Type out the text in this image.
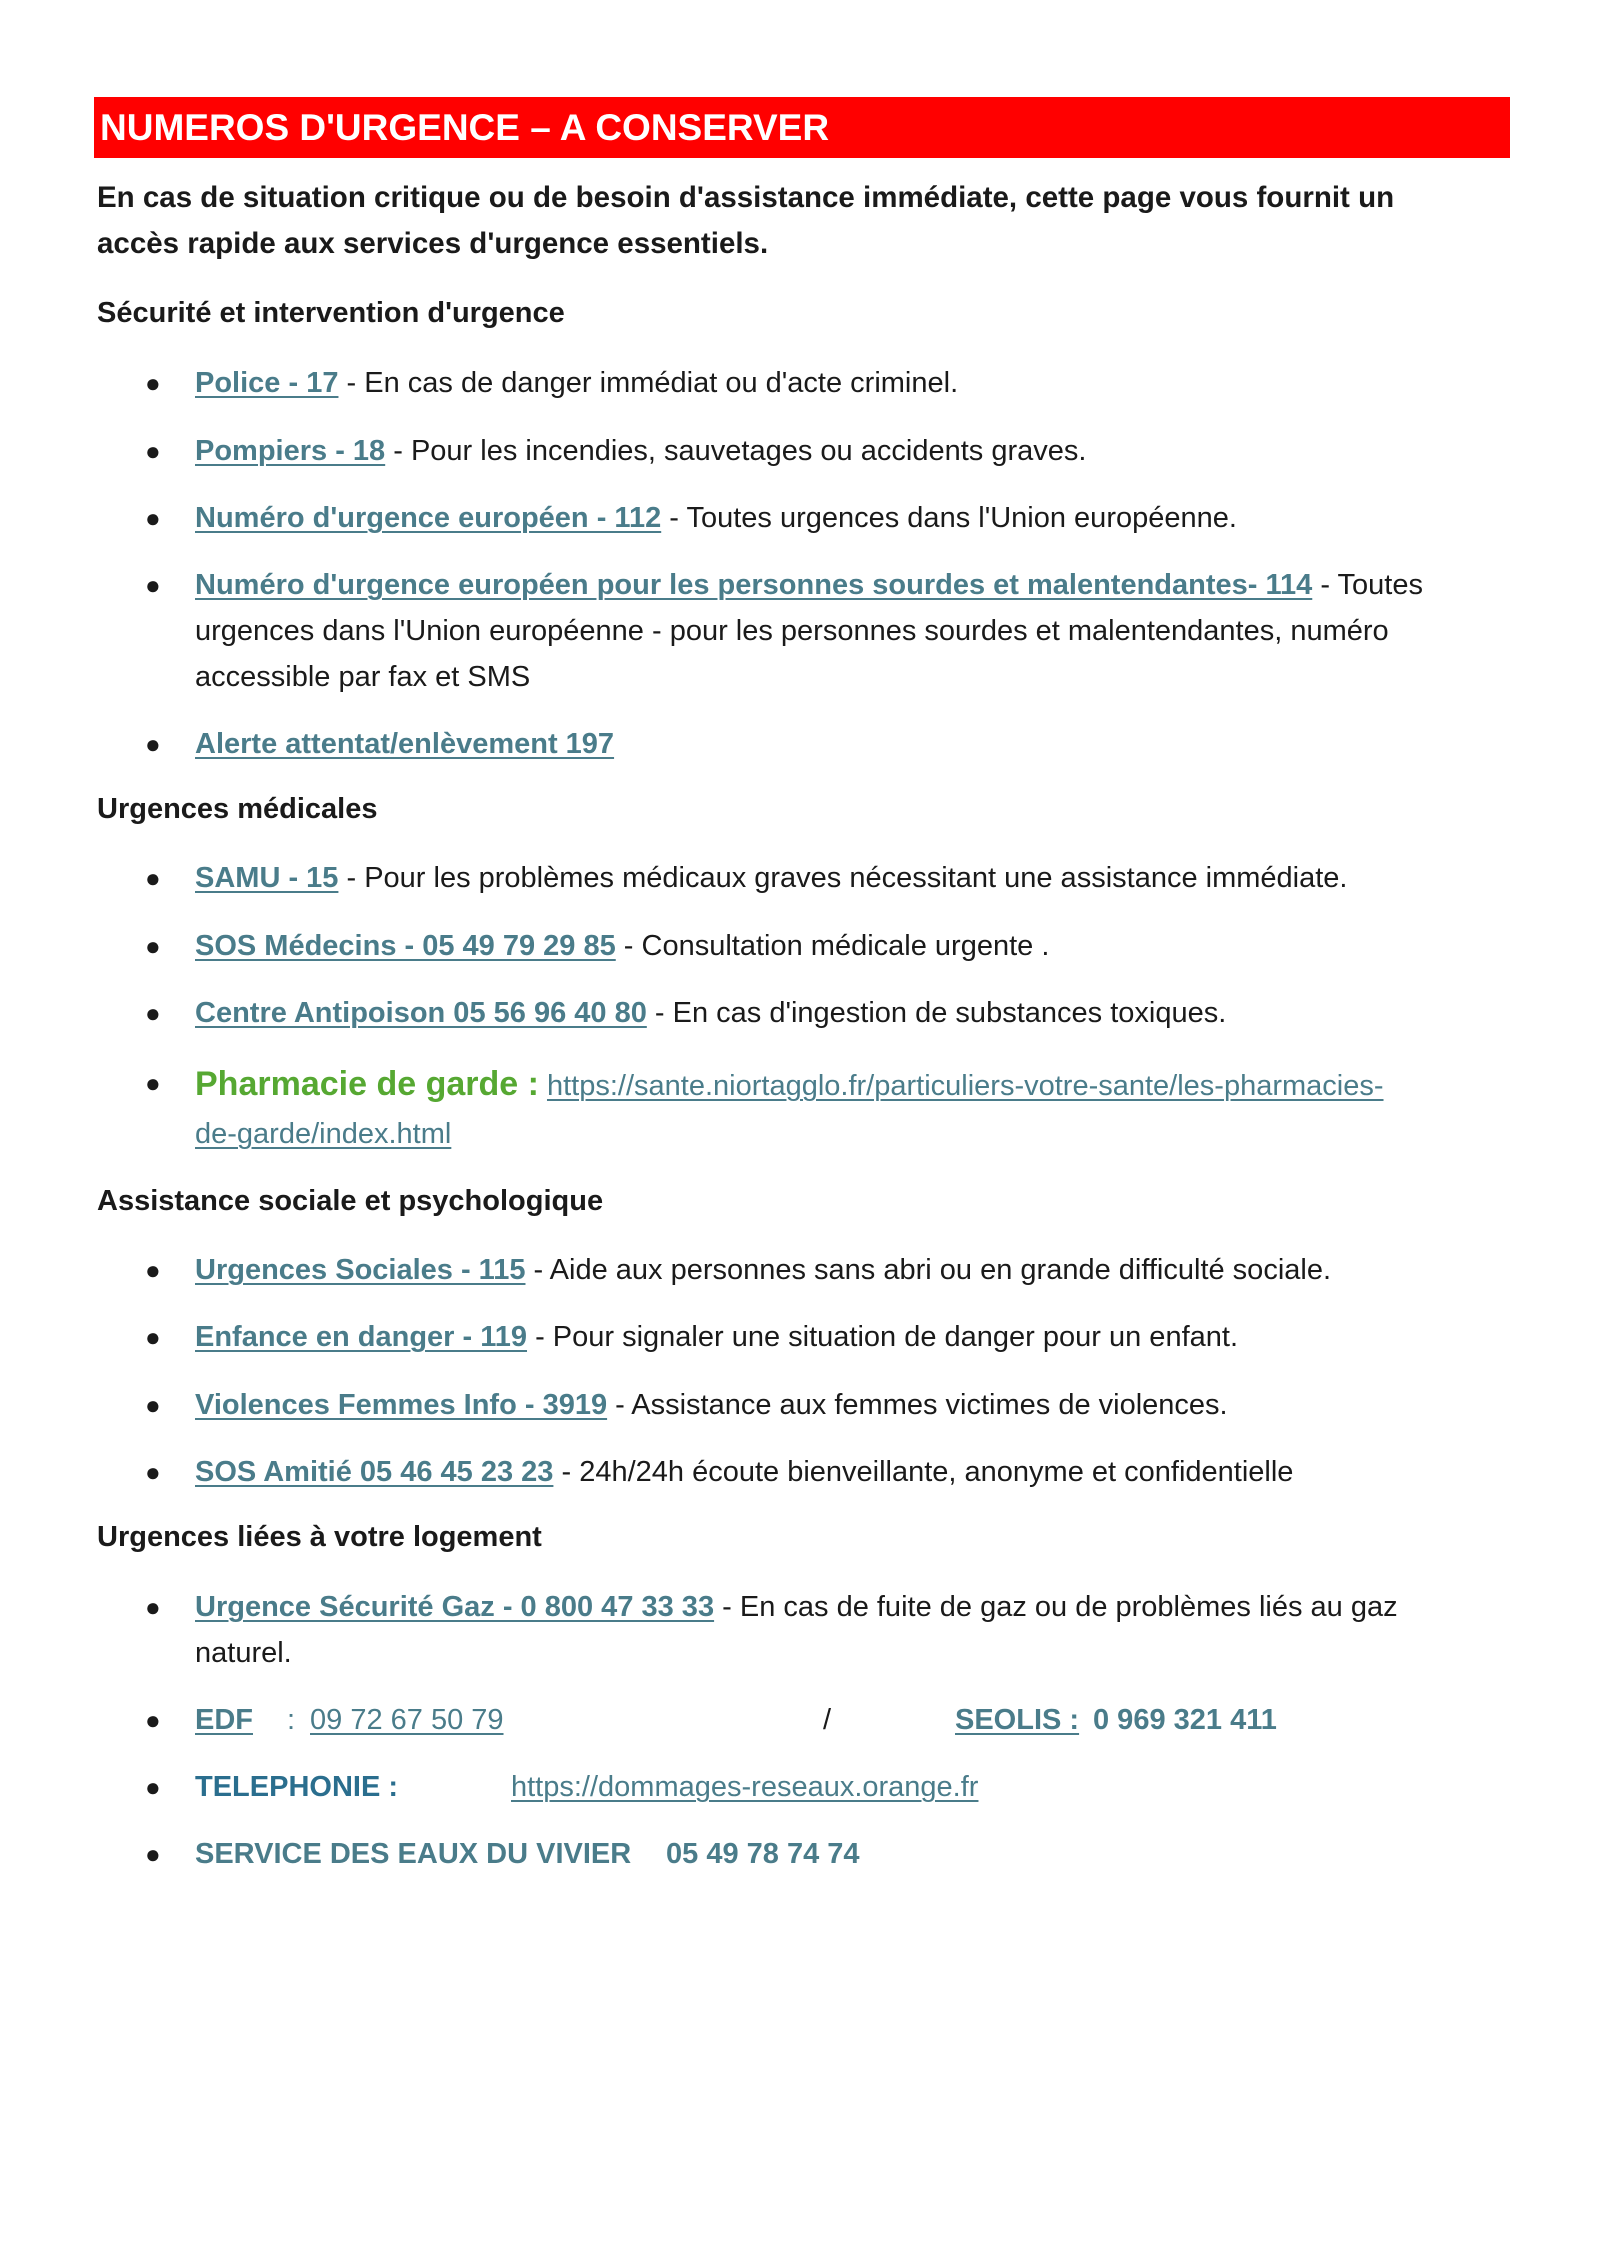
NUMEROS D'URGENCE – A CONSERVER
En cas de situation critique ou de besoin d'assistance immédiate, cette page vous fournit un
accès rapide aux services d'urgence essentiels.
Sécurité et intervention d'urgence
● Police - 17 - En cas de danger immédiat ou d'acte criminel.
● Pompiers - 18 - Pour les incendies, sauvetages ou accidents graves.
● Numéro d'urgence européen - 112 - Toutes urgences dans l'Union européenne.
● Numéro d'urgence européen pour les personnes sourdes et malentendantes- 114 - Toutes
urgences dans l'Union européenne - pour les personnes sourdes et malentendantes, numéro
accessible par fax et SMS
● Alerte attentat/enlèvement 197
Urgences médicales
● SAMU - 15 - Pour les problèmes médicaux graves nécessitant une assistance immédiate.
● SOS Médecins - 05 49 79 29 85 - Consultation médicale urgente .
● Centre Antipoison 05 56 96 40 80 - En cas d'ingestion de substances toxiques.
● Pharmacie de garde : https://sante.niortagglo.fr/particuliers-votre-sante/les-pharmacies-
de-garde/index.html
Assistance sociale et psychologique
● Urgences Sociales - 115 - Aide aux personnes sans abri ou en grande difficulté sociale.
● Enfance en danger - 119 - Pour signaler une situation de danger pour un enfant.
● Violences Femmes Info - 3919 - Assistance aux femmes victimes de violences.
● SOS Amitié 05 46 45 23 23 - 24h/24h écoute bienveillante, anonyme et confidentielle
Urgences liées à votre logement
● Urgence Sécurité Gaz - 0 800 47 33 33 - En cas de fuite de gaz ou de problèmes liés au gaz
naturel.
● EDF : 09 72 67 50 79	/	SEOLIS : 0 969 321 411
● TELEPHONIE :	https://dommages-reseaux.orange.fr
● SERVICE DES EAUX DU VIVIER 05 49 78 74 74
